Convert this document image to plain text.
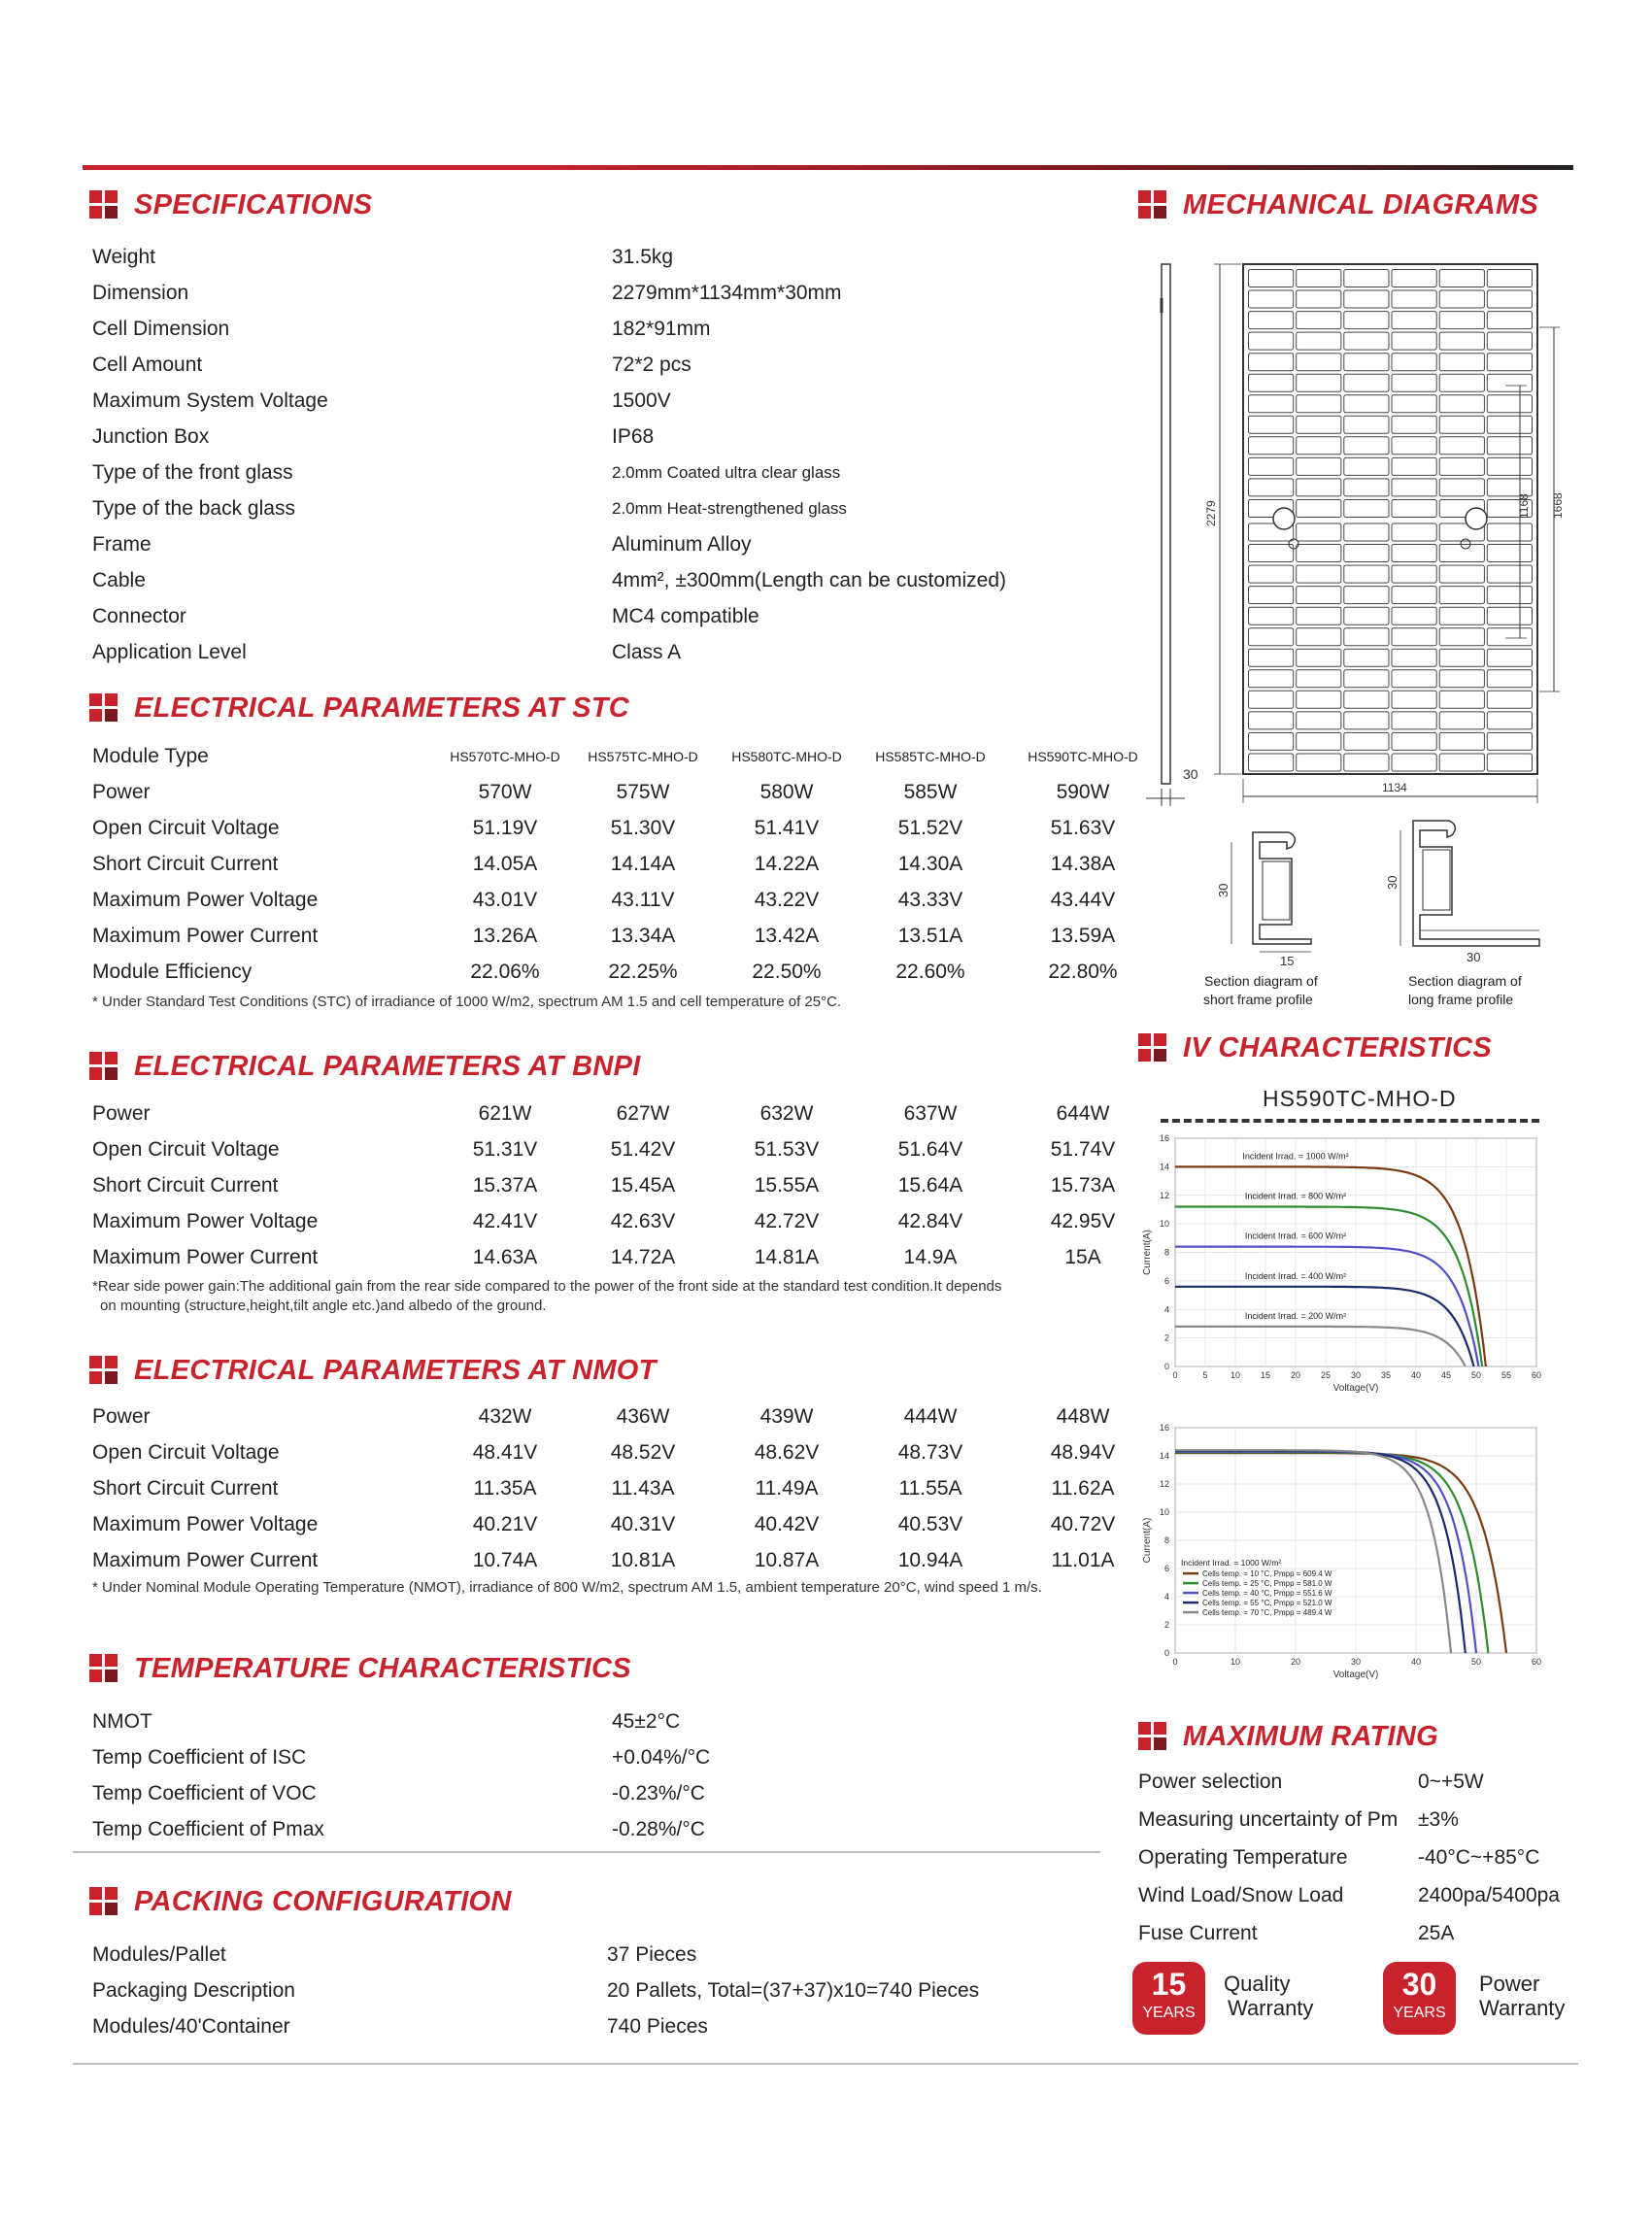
SPECIFICATIONS
Weight	31.5kg
Dimension	2279mm*1134mm*30mm
Cell Dimension	182*91mm
Cell Amount	72*2 pcs
Maximum System Voltage	1500V
Junction Box	IP68
Type of the front glass	2.0mm Coated ultra clear glass
Type of the back glass	2.0mm Heat-strengthened glass
Frame	Aluminum Alloy
Cable	4mm², ±300mm(Length can be customized)
Connector	MC4 compatible
Application Level	Class A
ELECTRICAL PARAMETERS AT STC
Module Type	HS570TC-MHO-D	HS575TC-MHO-D	HS580TC-MHO-D	HS585TC-MHO-D	HS590TC-MHO-D
Power	570W	575W	580W	585W	590W
Open Circuit Voltage	51.19V	51.30V	51.41V	51.52V	51.63V
Short Circuit Current	14.05A	14.14A	14.22A	14.30A	14.38A
Maximum Power Voltage	43.01V	43.11V	43.22V	43.33V	43.44V
Maximum Power Current	13.26A	13.34A	13.42A	13.51A	13.59A
Module Efficiency	22.06%	22.25%	22.50%	22.60%	22.80%
* Under Standard Test Conditions (STC) of irradiance of 1000 W/m2, spectrum AM 1.5 and cell temperature of 25°C.
ELECTRICAL PARAMETERS AT BNPI
Power	621W	627W	632W	637W	644W
Open Circuit Voltage	51.31V	51.42V	51.53V	51.64V	51.74V
Short Circuit Current	15.37A	15.45A	15.55A	15.64A	15.73A
Maximum Power Voltage	42.41V	42.63V	42.72V	42.84V	42.95V
Maximum Power Current	14.63A	14.72A	14.81A	14.9A	15A
*Rear side power gain:The additional gain from the rear side compared to the power of the front side at the standard test condition.It depends
on mounting (structure,height,tilt angle etc.)and albedo of the ground.
ELECTRICAL PARAMETERS AT NMOT
Power	432W	436W	439W	444W	448W
Open Circuit Voltage	48.41V	48.52V	48.62V	48.73V	48.94V
Short Circuit Current	11.35A	11.43A	11.49A	11.55A	11.62A
Maximum Power Voltage	40.21V	40.31V	40.42V	40.53V	40.72V
Maximum Power Current	10.74A	10.81A	10.87A	10.94A	11.01A
* Under Nominal Module Operating Temperature (NMOT), irradiance of 800 W/m2, spectrum AM 1.5, ambient temperature 20°C, wind speed 1 m/s.
TEMPERATURE CHARACTERISTICS
NMOT	45±2°C
Temp Coefficient of ISC	+0.04%/°C
Temp Coefficient of VOC	-0.23%/°C
Temp Coefficient of Pmax	-0.28%/°C
PACKING CONFIGURATION
Modules/Pallet	37 Pieces
Packaging Description	20 Pallets, Total=(37+37)x10=740 Pieces
Modules/40'Container	740 Pieces
MECHANICAL DIAGRAMS
30
2279	1168 1668
1134
30
15
Section diagram of
short frame profile
30
30
Section diagram of
long frame profile
IV CHARACTERISTICS
HS590TC-MHO-D
0	5	10 15 20 25 30 35 40 45 50 55 60
0
2
4
6
8
10
12
14
16
Voltage(V)
Current(A)
Incident Irrad. = 1000 W/m²
Incident Irrad. = 800 W/m²
Incident Irrad. = 600 W/m²
Incident Irrad. = 400 W/m²
Incident Irrad. = 200 W/m²
0	10	20	30	40	50	60
0
2
4
6
8
10
12
14
16
Voltage(V)
Current(A)	Incident Irrad. = 1000 W/m²
Cells temp. = 10 °C, Pmpp = 609.4 W
Cells temp. = 25 °C, Pmpp = 581.0 W
Cells temp. = 40 °C, Pmpp = 551.6 W
Cells temp. = 55 °C, Pmpp = 521.0 W
Cells temp. = 70 °C, Pmpp = 489.4 W
MAXIMUM RATING
Power selection	0~+5W
Measuring uncertainty of Pm ±3%
Operating Temperature	-40°C~+85°C
Wind Load/Snow Load	2400pa/5400pa
Fuse Current	25A
15
YEARS
Quality
Warranty
30
YEARS
Power
Warranty
